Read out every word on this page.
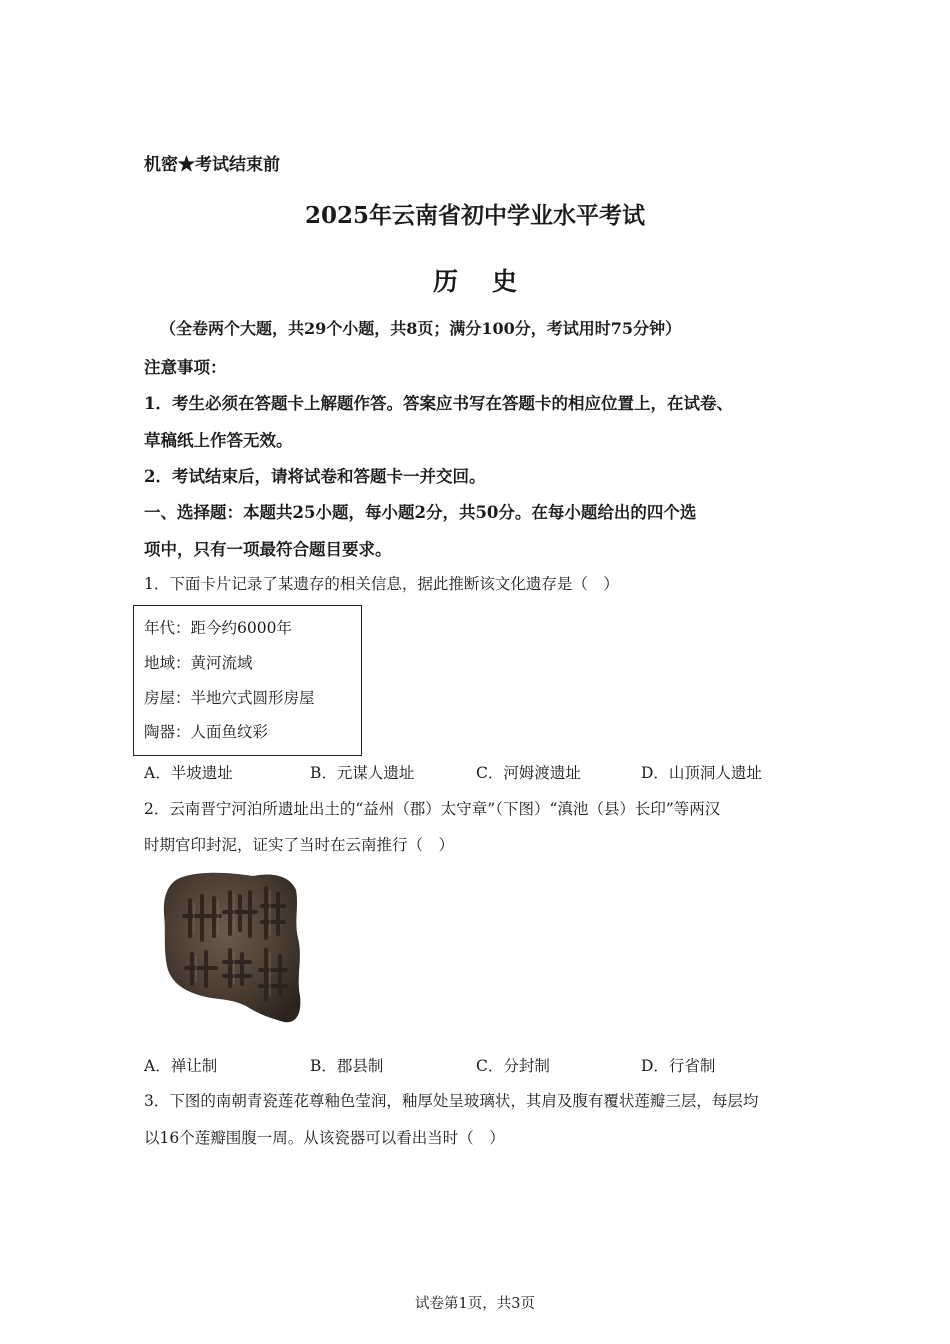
机密★考试结束前
2025年云南省初中学业水平考试
历史
（全卷两个大题，共29个小题，共8页；满分100分，考试用时75分钟）
注意事项：
1．考生必须在答题卡上解题作答。答案应书写在答题卡的相应位置上，在试卷、
草稿纸上作答无效。
2．考试结束后，请将试卷和答题卡一并交回。
一、选择题：本题共25小题，每小题2分，共50分。在每小题给出的四个选
项中，只有一项最符合题目要求。
1．下面卡片记录了某遗存的相关信息，据此推断该文化遗存是（　）
年代：距今约6000年
地域：黄河流域
房屋：半地穴式圆形房屋
陶器：人面鱼纹彩
A．半坡遗址	B．元谋人遗址	C．河姆渡遗址	D．山顶洞人遗址
2．云南晋宁河泊所遗址出土的“益州（郡）太守章”（下图）“滇池（县）长印”等两汉
时期官印封泥，证实了当时在云南推行（　）
A．禅让制	B．郡县制	C．分封制	D．行省制
3．下图的南朝青瓷莲花尊釉色莹润，釉厚处呈玻璃状，其肩及腹有覆状莲瓣三层，每层均
以16个莲瓣围腹一周。从该瓷器可以看出当时（　）
试卷第1页，共3页
